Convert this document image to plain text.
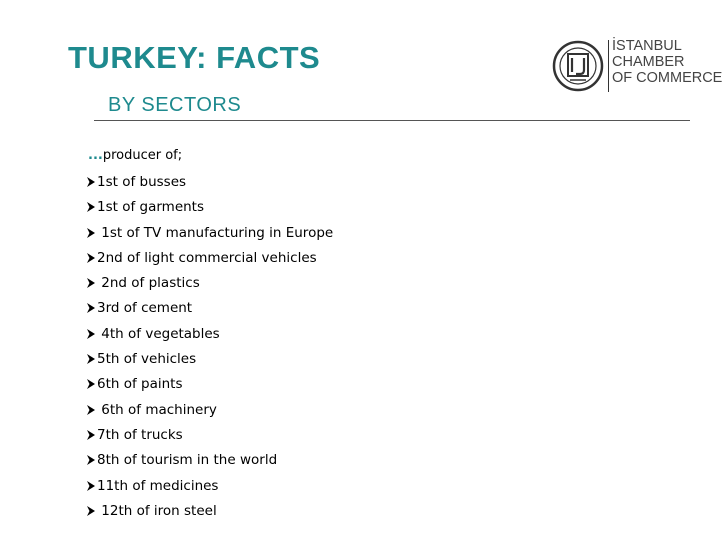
TURKEY: FACTS
BY SECTORS
İSTANBUL
CHAMBER
OF COMMERCE
...producer of;
1st of busses
1st of garments
1st of TV manufacturing in Europe
2nd of light commercial vehicles
2nd of plastics
3rd of cement
4th of vegetables
5th of vehicles
6th of paints
6th of machinery
7th of trucks
8th of tourism in the world
11th of medicines
12th of iron steel
